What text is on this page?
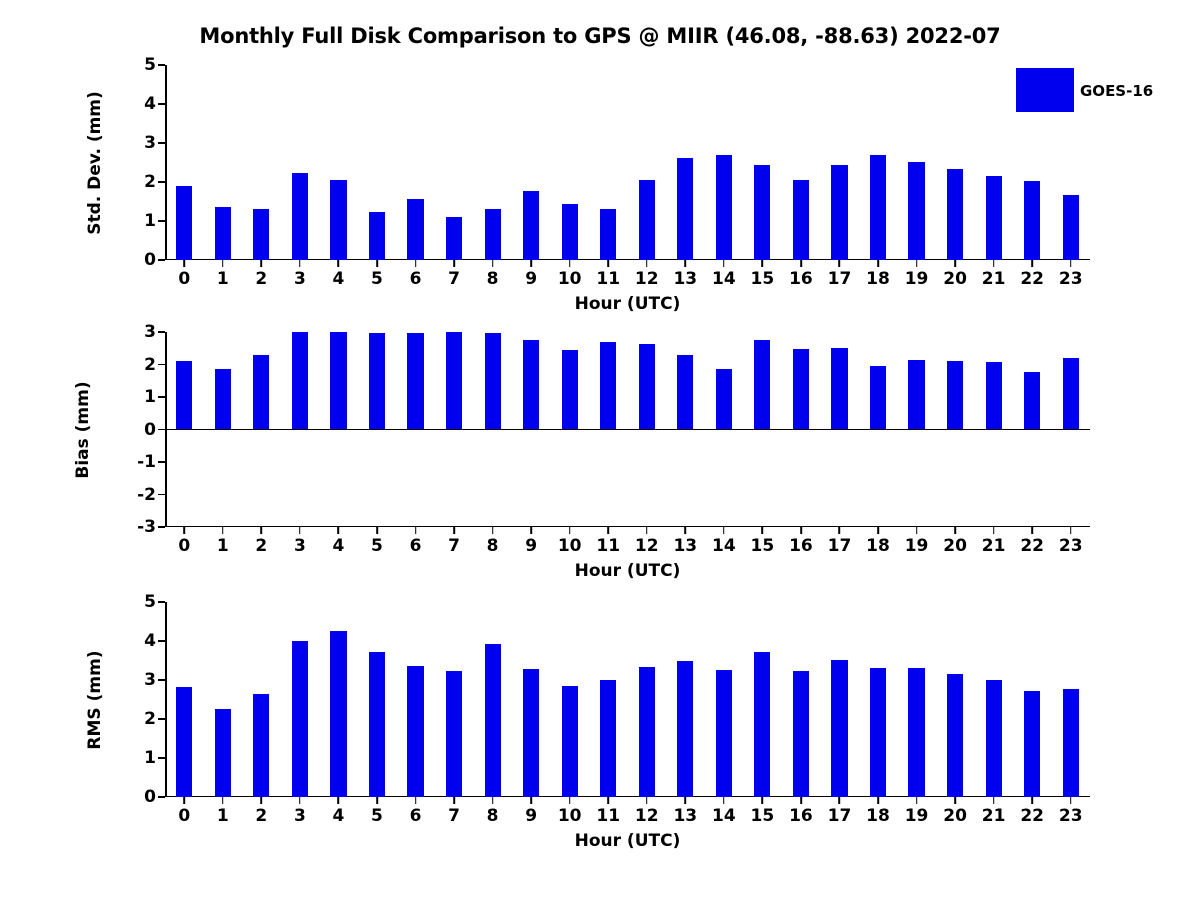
Monthly Full Disk Comparison to GPS @ MIIR (46.08, -88.63) 2022-07
Std. Dev. (mm)
Hour (UTC)
0
1
2
3
4
5
0 1 2 3 4 5 6 7 8 9 10 11 12 13 14 15 16 17 18 19 20 21 22 23
GOES-16
Bias (mm)
Hour (UTC)
-3
-2
-1
0
1
2
3
0 1 2 3 4 5 6 7 8 9 10 11 12 13 14 15 16 17 18 19 20 21 22 23
RMS (mm)
Hour (UTC)
0
1
2
3
4
5
0 1 2 3 4 5 6 7 8 9 10 11 12 13 14 15 16 17 18 19 20 21 22 23
